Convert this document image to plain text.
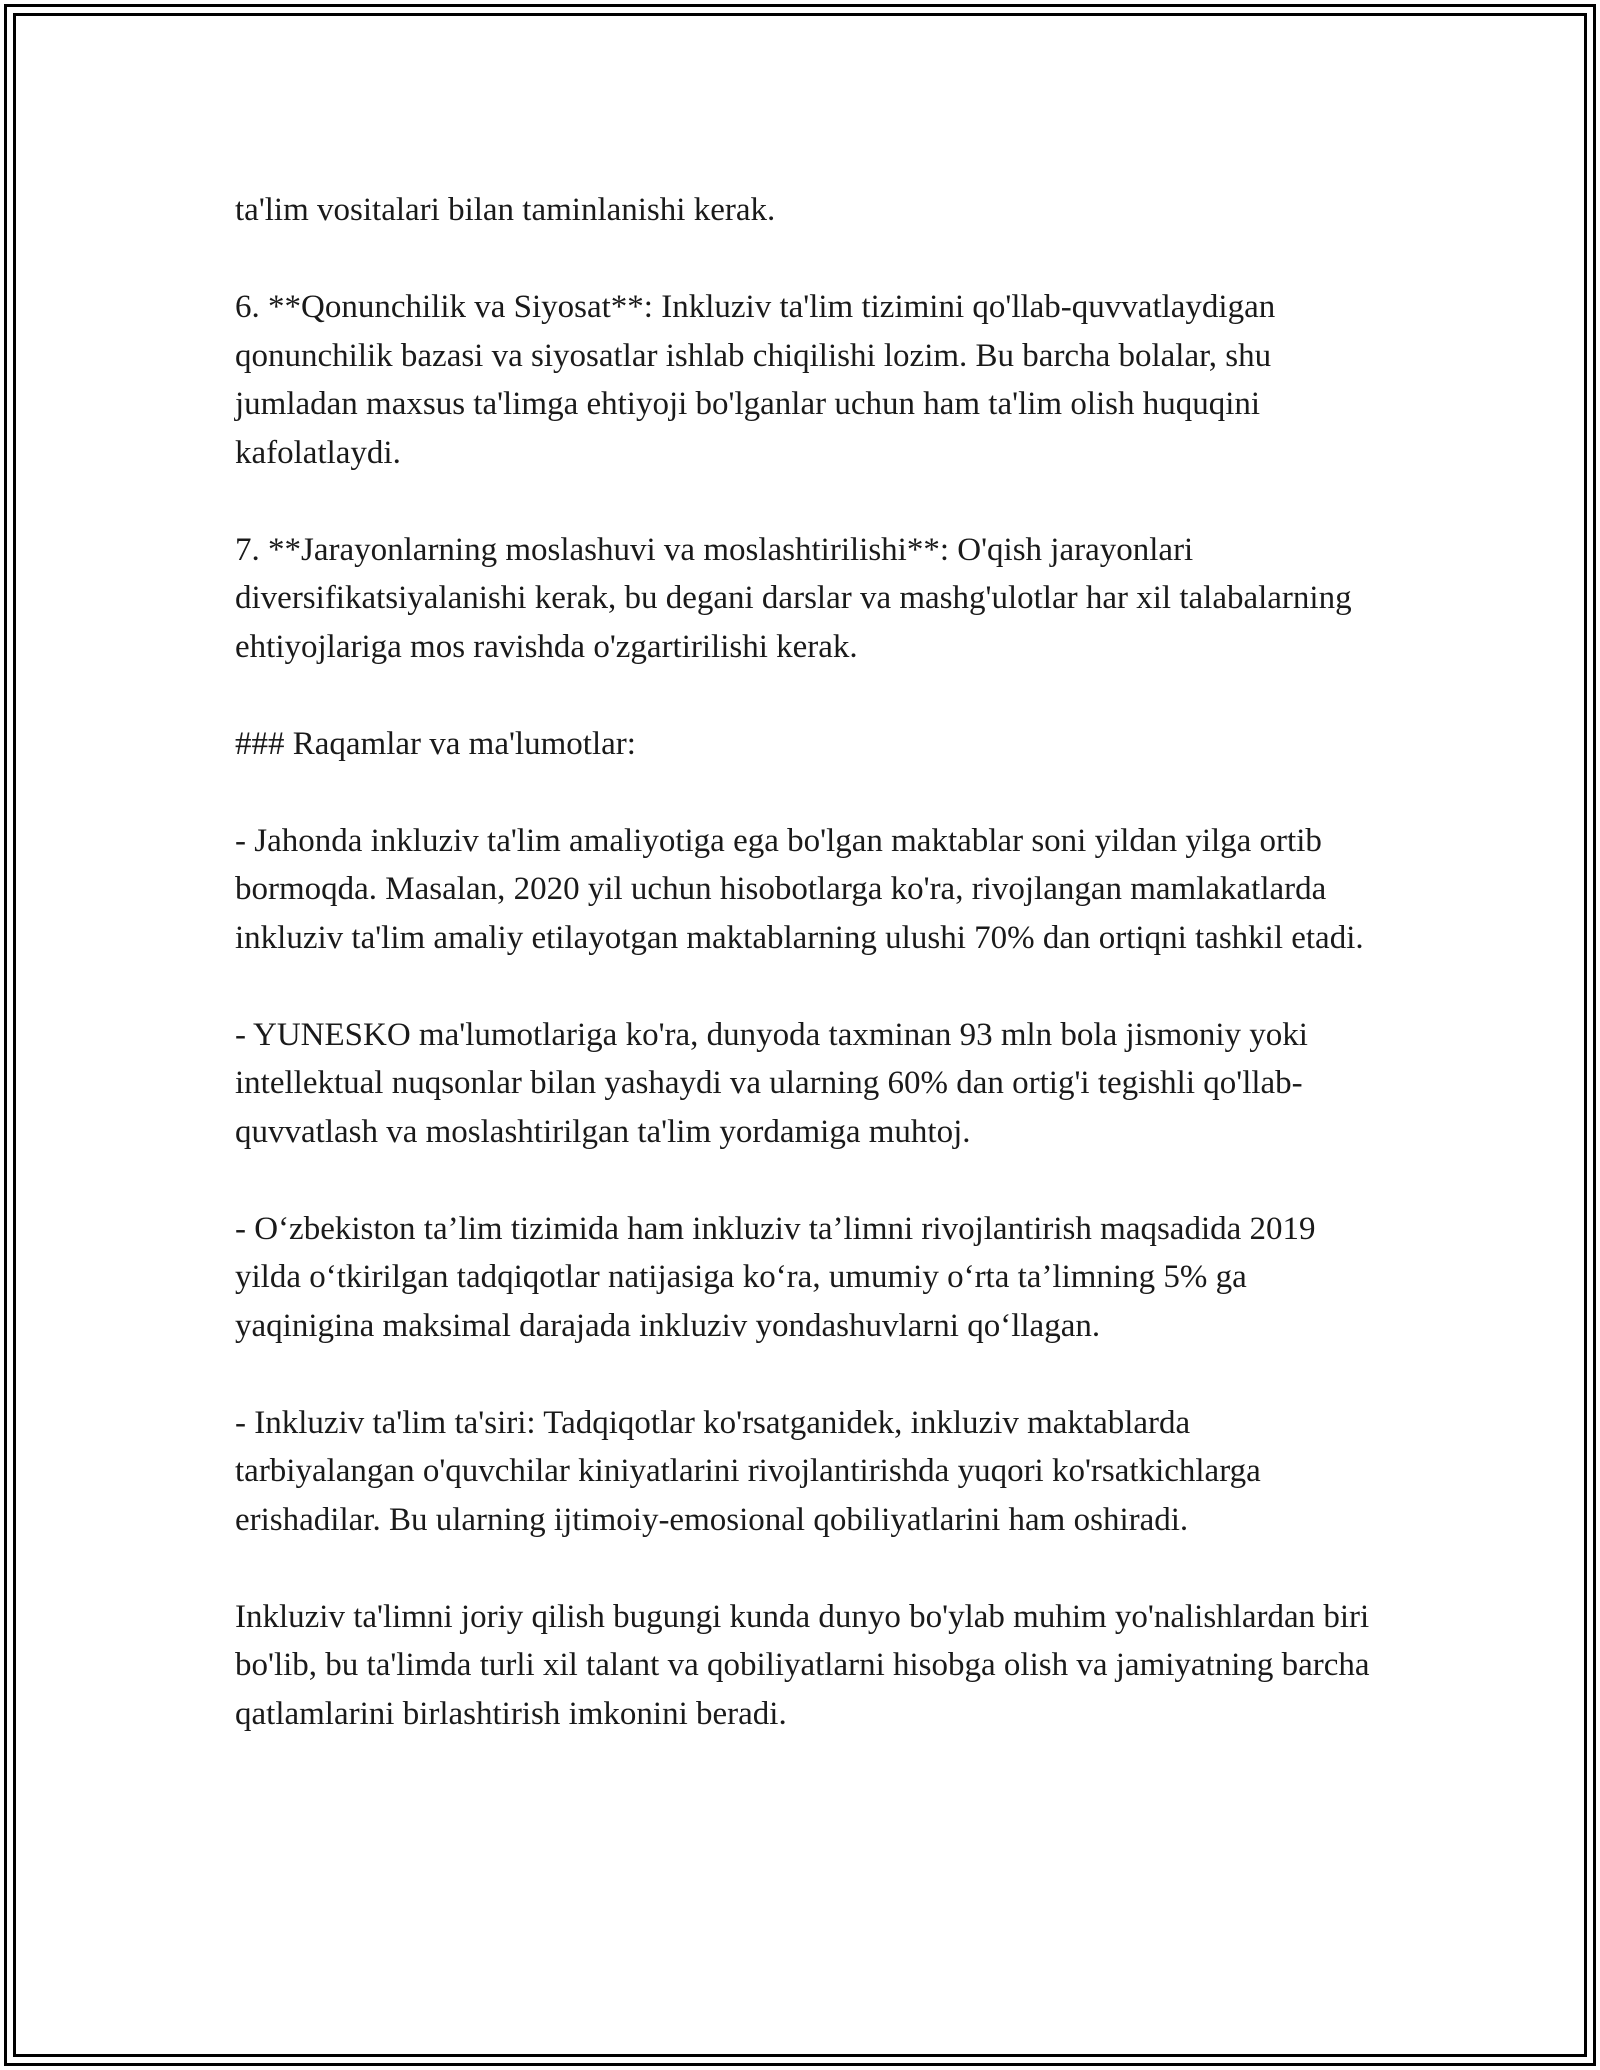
ta'lim vositalari bilan taminlanishi kerak.

6. **Qonunchilik va Siyosat**: Inkluziv ta'lim tizimini qo'llab-quvvatlaydigan qonunchilik bazasi va siyosatlar ishlab chiqilishi lozim. Bu barcha bolalar, shu jumladan maxsus ta'limga ehtiyoji bo'lganlar uchun ham ta'lim olish huquqini kafolatlaydi.

7. **Jarayonlarning moslashuvi va moslashtirilishi**: O'qish jarayonlari diversifikatsiyalanishi kerak, bu degani darslar va mashg'ulotlar har xil talabalarning ehtiyojlariga mos ravishda o'zgartirilishi kerak.

### Raqamlar va ma'lumotlar:

- Jahonda inkluziv ta'lim amaliyotiga ega bo'lgan maktablar soni yildan yilga ortib bormoqda. Masalan, 2020 yil uchun hisobotlarga ko'ra, rivojlangan mamlakatlarda inkluziv ta'lim amaliy etilayotgan maktablarning ulushi 70% dan ortiqni tashkil etadi.

- YUNESKO ma'lumotlariga ko'ra, dunyoda taxminan 93 mln bola jismoniy yoki intellektual nuqsonlar bilan yashaydi va ularning 60% dan ortig'i tegishli qo'llab-quvvatlash va moslashtirilgan ta'lim yordamiga muhtoj.

- O‘zbekiston ta’lim tizimida ham inkluziv ta’limni rivojlantirish maqsadida 2019 yilda o‘tkirilgan tadqiqotlar natijasiga ko‘ra, umumiy o‘rta ta’limning 5% ga yaqinigina maksimal darajada inkluziv yondashuvlarni qo‘llagan.

- Inkluziv ta'lim ta'siri: Tadqiqotlar ko'rsatganidek, inkluziv maktablarda tarbiyalangan o'quvchilar kiniyatlarini rivojlantirishda yuqori ko'rsatkichlarga erishadilar. Bu ularning ijtimoiy-emosional qobiliyatlarini ham oshiradi.

Inkluziv ta'limni joriy qilish bugungi kunda dunyo bo'ylab muhim yo'nalishlardan biri bo'lib, bu ta'limda turli xil talant va qobiliyatlarni hisobga olish va jamiyatning barcha qatlamlarini birlashtirish imkonini beradi.
